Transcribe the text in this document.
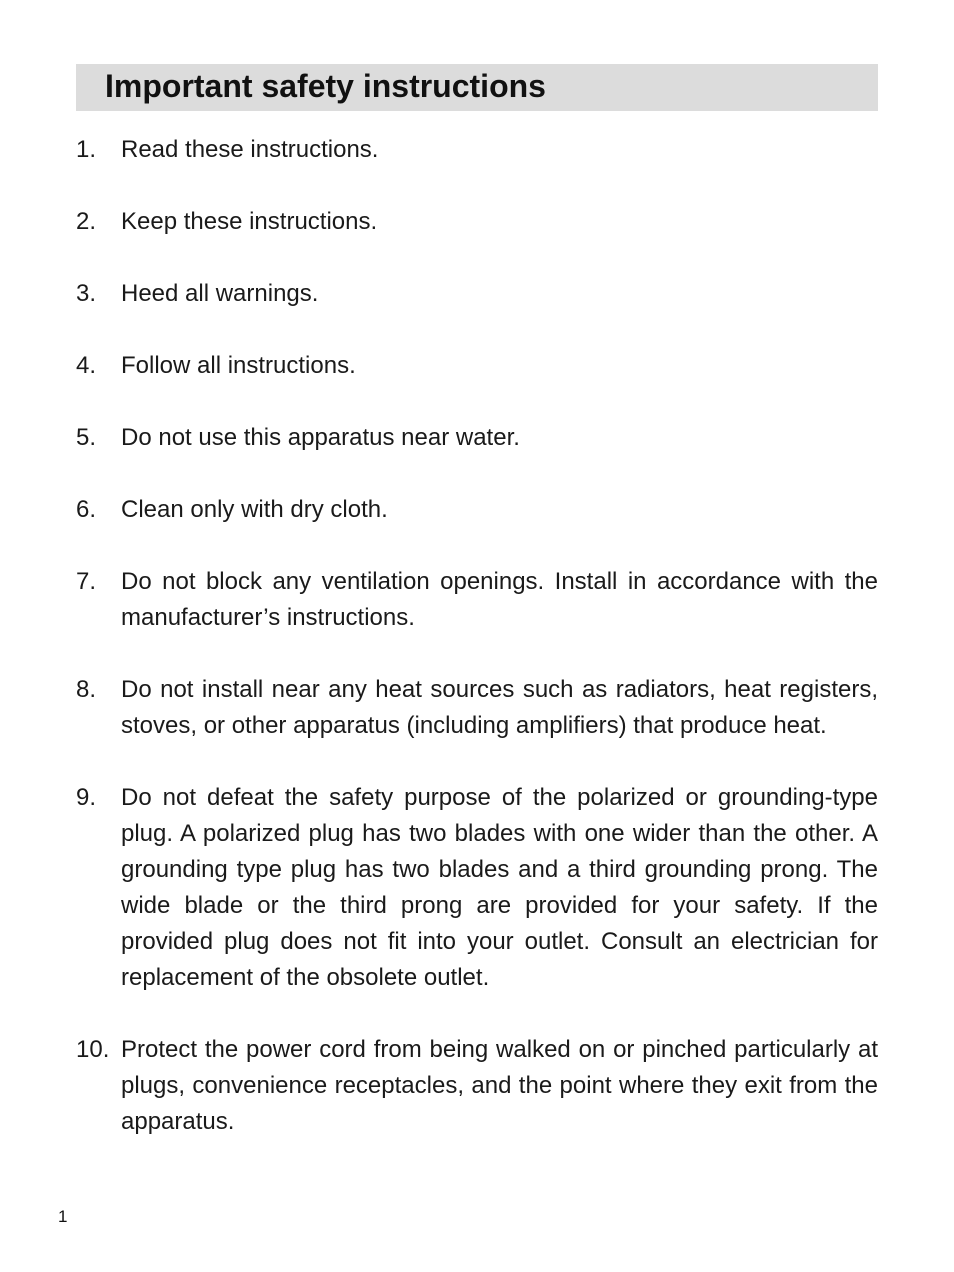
Important safety instructions
1.	Read these instructions.
2.	Keep these instructions.
3.	Heed all warnings.
4.	Follow all instructions.
5.	Do not use this apparatus near water.
6.	Clean only with dry cloth.
7.	Do not block any ventilation openings. Install in accordance with the manufacturer’s instructions.
8.	Do not install near any heat sources such as radiators, heat registers, stoves, or other apparatus (including amplifiers) that produce heat.
9.	Do not defeat the safety purpose of the polarized or grounding-type plug. A polarized plug has two blades with one wider than the other. A grounding type plug has two blades and a third grounding prong. The wide blade or the third prong are provided for your safety. If the provided plug does not fit into your outlet. Consult an electrician for replacement of the obsolete outlet.
10. Protect the power cord from being walked on or pinched particularly at plugs, convenience receptacles, and the point where they exit from the apparatus.
1
